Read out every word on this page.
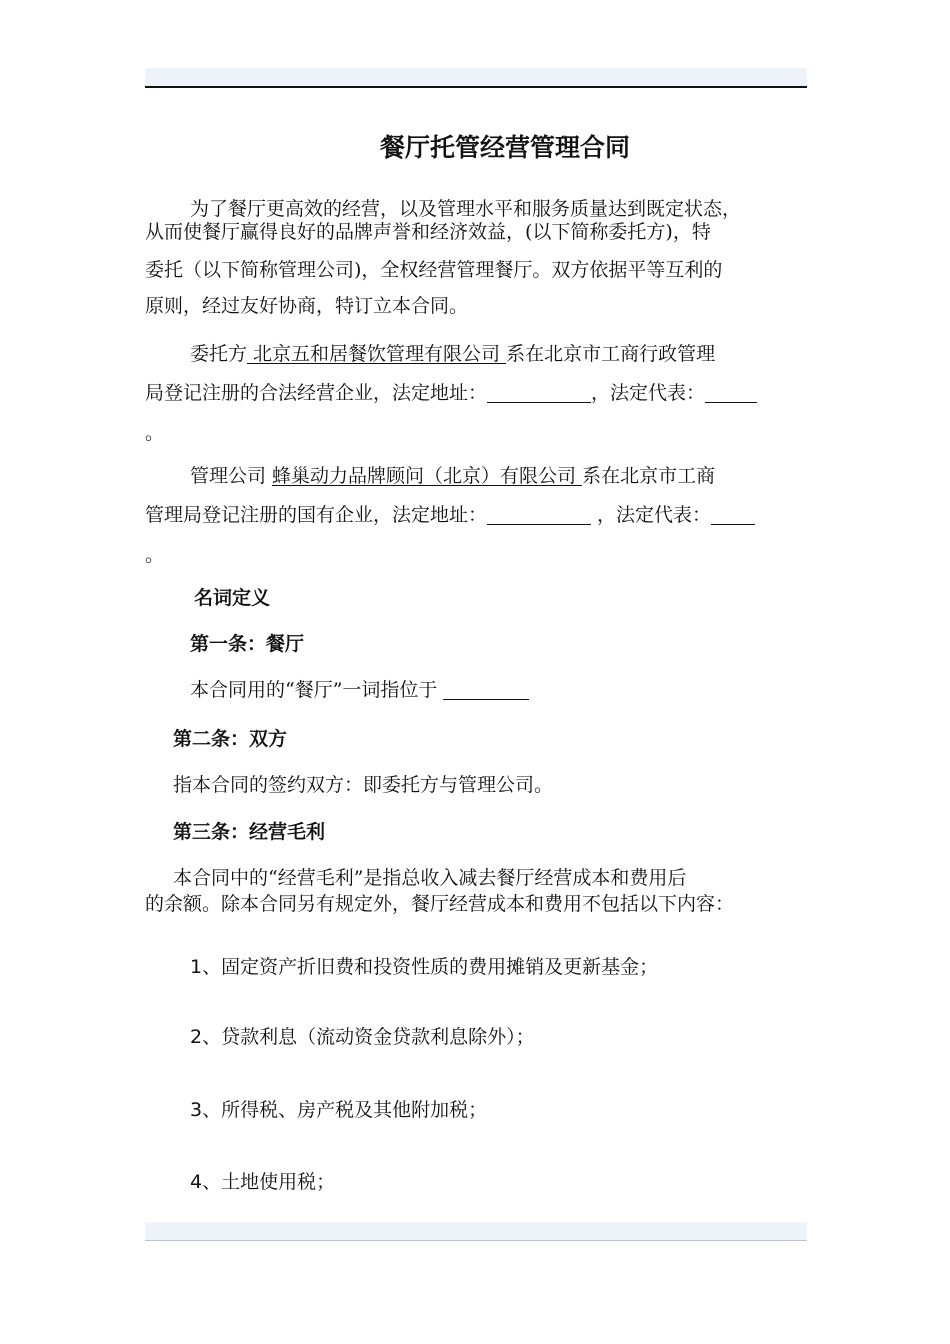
餐厅托管经营管理合同
为了餐厅更高效的经营，以及管理水平和服务质量达到既定状态，
从而使餐厅赢得良好的品牌声誉和经济效益，(以下简称委托方)，特
委托（以下简称管理公司)，全权经营管理餐厅。双方依据平等互利的
原则，经过友好协商，特订立本合同。
委托方 北京五和居餐饮管理有限公司 系在北京市工商行政管理
局登记注册的合法经营企业，法定地址：	，法定代表：
。
管理公司 蜂巢动力品牌顾问（北京）有限公司 系在北京市工商
管理局登记注册的国有企业，法定地址：	，法定代表：
。
名词定义
第一条：餐厅
本合同用的“餐厅”一词指位于
第二条：双方
指本合同的签约双方：即委托方与管理公司。
第三条：经营毛利
本合同中的“经营毛利”是指总收入减去餐厅经营成本和费用后
的余额。除本合同另有规定外，餐厅经营成本和费用不包括以下内容：
1、固定资产折旧费和投资性质的费用摊销及更新基金；
2、贷款利息（流动资金贷款利息除外）；
3、所得税、房产税及其他附加税；
4、土地使用税；
